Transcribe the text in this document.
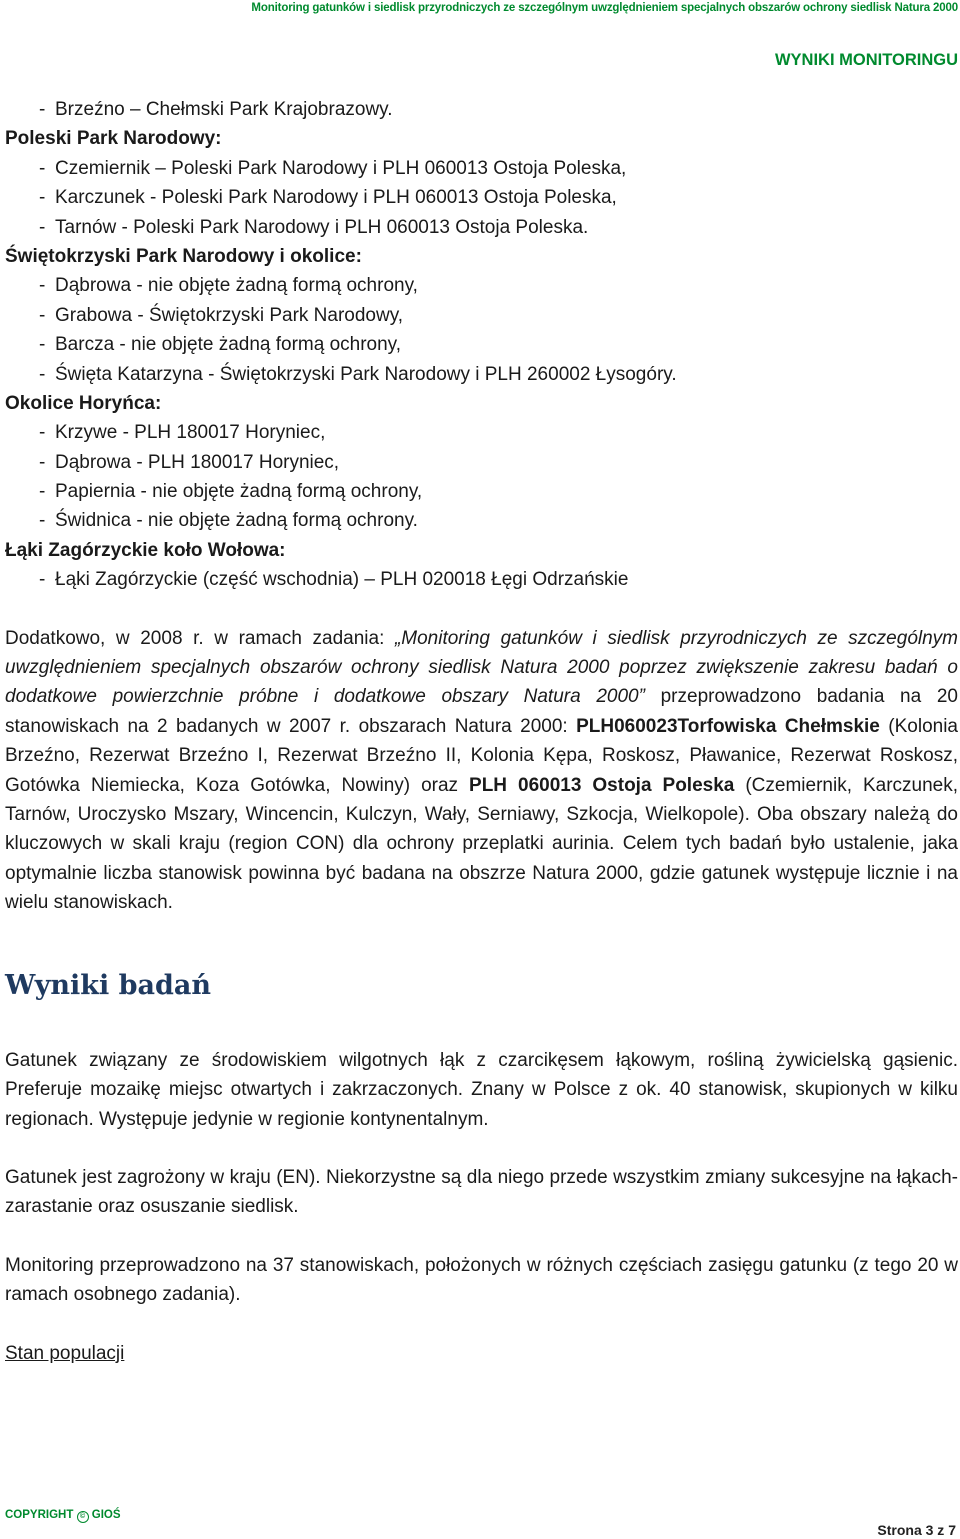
Monitoring gatunków i siedlisk przyrodniczych ze szczególnym uwzględnieniem specjalnych obszarów ochrony siedlisk Natura 2000
WYNIKI MONITORINGU
- Brzeźno – Chełmski Park Krajobrazowy.
Poleski Park Narodowy:
- Czemiernik – Poleski Park Narodowy i PLH 060013 Ostoja Poleska,
- Karczunek - Poleski Park Narodowy i PLH 060013 Ostoja Poleska,
- Tarnów - Poleski Park Narodowy i PLH 060013 Ostoja Poleska.
Świętokrzyski Park Narodowy i okolice:
- Dąbrowa - nie objęte żadną formą ochrony,
- Grabowa - Świętokrzyski Park Narodowy,
- Barcza - nie objęte żadną formą ochrony,
- Święta Katarzyna - Świętokrzyski Park Narodowy i PLH 260002 Łysogóry.
Okolice Horyńca:
- Krzywe - PLH 180017 Horyniec,
- Dąbrowa - PLH 180017 Horyniec,
- Papiernia - nie objęte żadną formą ochrony,
- Świdnica - nie objęte żadną formą ochrony.
Łąki Zagórzyckie koło Wołowa:
- Łąki Zagórzyckie (część wschodnia) – PLH 020018 Łęgi Odrzańskie

Dodatkowo, w 2008 r. w ramach zadania: „Monitoring gatunków i siedlisk przyrodniczych ze szczególnym uwzględnieniem specjalnych obszarów ochrony siedlisk Natura 2000 poprzez zwiększenie zakresu badań o dodatkowe powierzchnie próbne i dodatkowe obszary Natura 2000” przeprowadzono badania na 20 stanowiskach na 2 badanych w 2007 r. obszarach Natura 2000: PLH060023Torfowiska Chełmskie (Kolonia Brzeźno, Rezerwat Brzeźno I, Rezerwat Brzeźno II, Kolonia Kępa, Roskosz, Pławanice, Rezerwat Roskosz, Gotówka Niemiecka, Koza Gotówka, Nowiny) oraz PLH 060013 Ostoja Poleska (Czemiernik, Karczunek, Tarnów, Uroczysko Mszary, Wincencin, Kulczyn, Wały, Serniawy, Szkocja, Wielkopole). Oba obszary należą do kluczowych w skali kraju (region CON) dla ochrony przeplatki aurinia. Celem tych badań było ustalenie, jaka optymalnie liczba stanowisk powinna być badana na obszrze Natura 2000, gdzie gatunek występuje licznie i na wielu stanowiskach.

Wyniki badań

Gatunek związany ze środowiskiem wilgotnych łąk z czarcikęsem łąkowym, rośliną żywicielską gąsienic. Preferuje mozaikę miejsc otwartych i zakrzaczonych. Znany w Polsce z ok. 40 stanowisk, skupionych w kilku regionach. Występuje jedynie w regionie kontynentalnym.

Gatunek jest zagrożony w kraju (EN). Niekorzystne są dla niego przede wszystkim zmiany sukcesyjne na łąkach- zarastanie oraz osuszanie siedlisk.

Monitoring przeprowadzono na 37 stanowiskach, położonych w różnych częściach zasięgu gatunku (z tego 20 w ramach osobnego zadania).

Stan populacji
COPYRIGHT © GIOŚ
Strona 3 z 7
